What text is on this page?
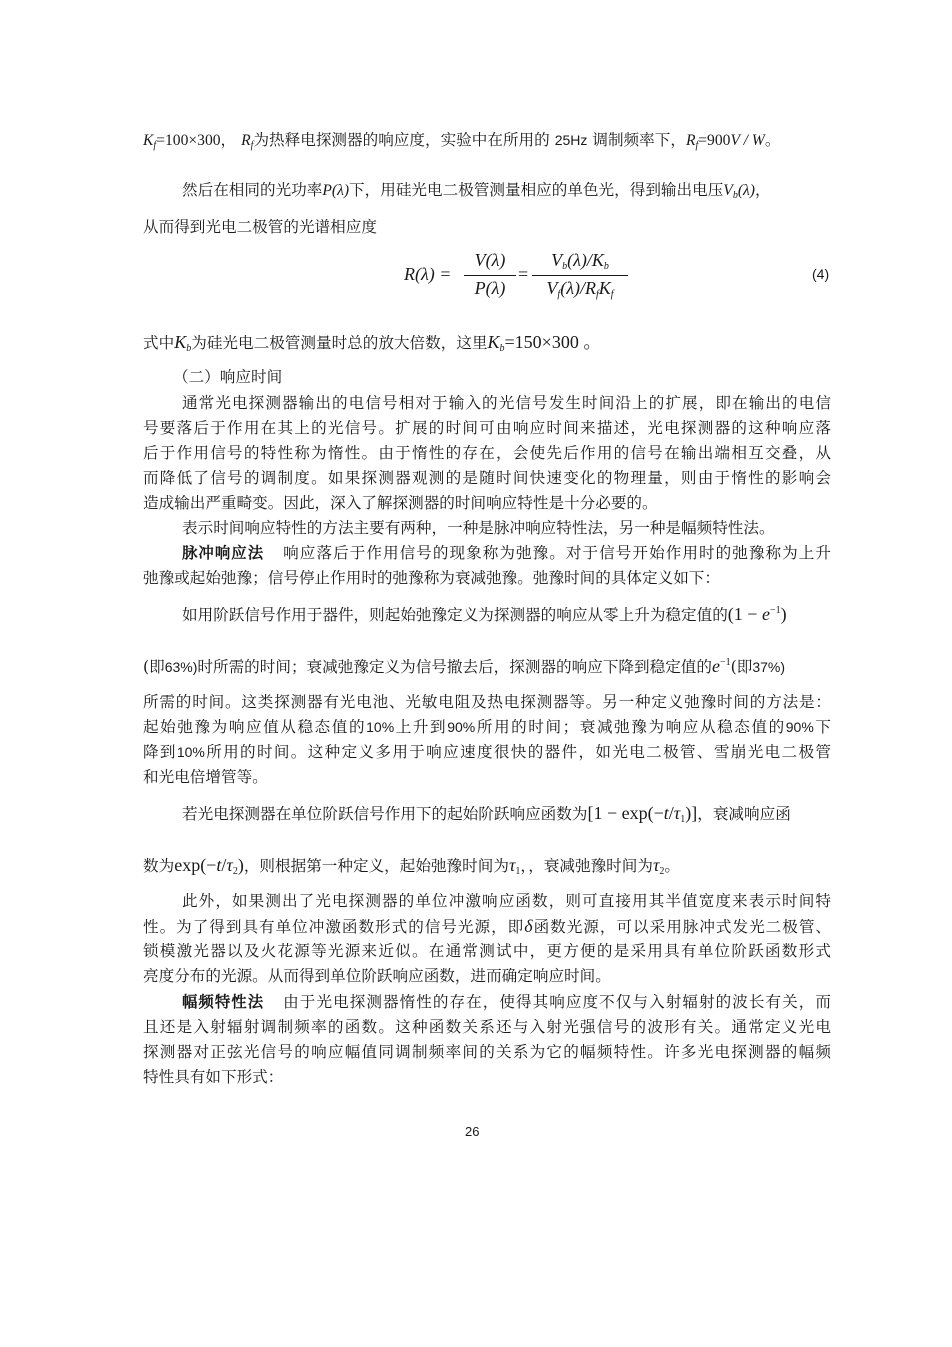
$K_f=100\times 300$， $R_f$为热释电探测器的响应度，实验中在所用的 25Hz 调制频率下，$R_f=900V / W$。
然后在相同的光功率P(λ)下，用硅光电二极管测量相应的单色光，得到输出电压$V_b(\lambda)$，
从而得到光电二极管的光谱相应度
R(λ) =
V(λ)
P(λ)
=
$V_b(\lambda)/K_b$
$V_f(\lambda)/R_fK_f$
(4)
式中$K_b$为硅光电二极管测量时总的放大倍数，这里$K_b=150\times 300$ 。
（二）响应时间
通常光电探测器输出的电信号相对于输入的光信号发生时间沿上的扩展，即在输出的电信
号要落后于作用在其上的光信号。扩展的时间可由响应时间来描述，光电探测器的这种响应落
后于作用信号的特性称为惰性。由于惰性的存在，会使先后作用的信号在输出端相互交叠，从
而降低了信号的调制度。如果探测器观测的是随时间快速变化的物理量，则由于惰性的影响会
造成输出严重畸变。因此，深入了解探测器的时间响应特性是十分必要的。
表示时间响应特性的方法主要有两种，一种是脉冲响应特性法，另一种是幅频特性法。
脉冲响应法 响应落后于作用信号的现象称为弛豫。对于信号开始作用时的弛豫称为上升
弛豫或起始弛豫；信号停止作用时的弛豫称为衰减弛豫。弛豫时间的具体定义如下：
如用阶跃信号作用于器件，则起始弛豫定义为探测器的响应从零上升为稳定值的$(1 - e^{-1})$
(即63%)时所需的时间；衰减弛豫定义为信号撤去后，探测器的响应下降到稳定值的$e^{-1}$(即37%)
所需的时间。这类探测器有光电池、光敏电阻及热电探测器等。另一种定义弛豫时间的方法是：
起始弛豫为响应值从稳态值的10%上升到90%所用的时间；衰减弛豫为响应从稳态值的90%下
降到10%所用的时间。这种定义多用于响应速度很快的器件，如光电二极管、雪崩光电二极管
和光电倍增管等。
若光电探测器在单位阶跃信号作用下的起始阶跃响应函数为$[1 - \exp(-t/\tau_1)]$，衰减响应函
数为$\exp(-t/\tau_2)$，则根据第一种定义，起始弛豫时间为$\tau_1$，，衰减弛豫时间为$\tau_2$。
此外，如果测出了光电探测器的单位冲激响应函数，则可直接用其半值宽度来表示时间特
性。为了得到具有单位冲激函数形式的信号光源，即δ函数光源，可以采用脉冲式发光二极管、
锁模激光器以及火花源等光源来近似。在通常测试中，更方便的是采用具有单位阶跃函数形式
亮度分布的光源。从而得到单位阶跃响应函数，进而确定响应时间。
幅频特性法 由于光电探测器惰性的存在，使得其响应度不仅与入射辐射的波长有关，而
且还是入射辐射调制频率的函数。这种函数关系还与入射光强信号的波形有关。通常定义光电
探测器对正弦光信号的响应幅值同调制频率间的关系为它的幅频特性。许多光电探测器的幅频
特性具有如下形式：
26
